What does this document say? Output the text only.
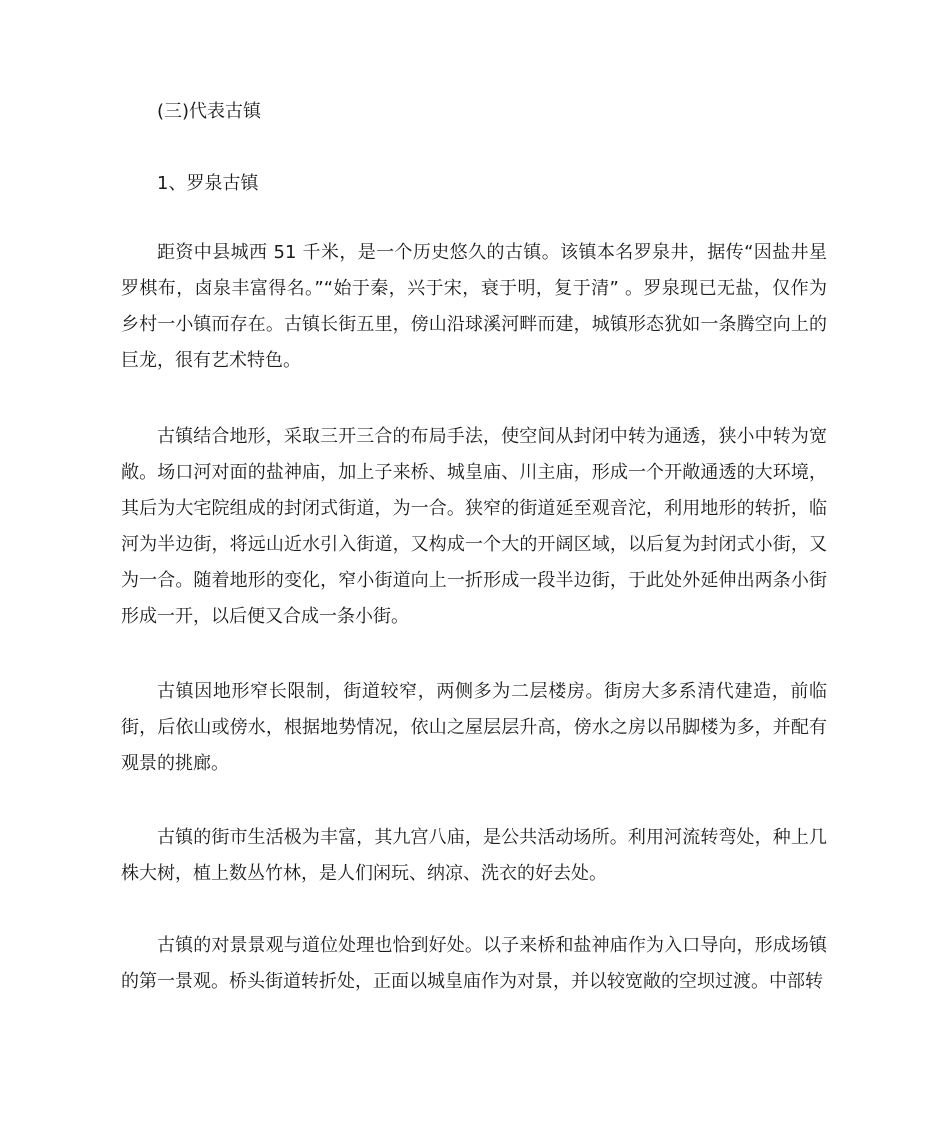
(三)代表古镇
1、罗泉古镇

距资中县城西 51 千米，是一个历史悠久的古镇。该镇本名罗泉井，据传“因盐井星罗棋布，卤泉丰富得名。”“始于秦，兴于宋，衰于明，复于清” 。罗泉现已无盐，仅作为乡村一小镇而存在。古镇长街五里，傍山沿球溪河畔而建，城镇形态犹如一条腾空向上的巨龙，很有艺术特色。

古镇结合地形，采取三开三合的布局手法，使空间从封闭中转为通透，狭小中转为宽敞。场口河对面的盐神庙，加上子来桥、城皇庙、川主庙，形成一个开敞通透的大环境，其后为大宅院组成的封闭式街道，为一合。狭窄的街道延至观音沱，利用地形的转折，临河为半边街，将远山近水引入街道，又构成一个大的开阔区域，以后复为封闭式小街，又为一合。随着地形的变化，窄小街道向上一折形成一段半边街，于此处外延伸出两条小街形成一开，以后便又合成一条小街。

古镇因地形窄长限制，街道较窄，两侧多为二层楼房。街房大多系清代建造，前临街，后依山或傍水，根据地势情况，依山之屋层层升高，傍水之房以吊脚楼为多，并配有观景的挑廊。

古镇的街市生活极为丰富，其九宫八庙，是公共活动场所。利用河流转弯处，种上几株大树，植上数丛竹林，是人们闲玩、纳凉、洗衣的好去处。

古镇的对景景观与道位处理也恰到好处。以子来桥和盐神庙作为入口导向，形成场镇的第一景观。桥头街道转折处，正面以城皇庙作为对景，并以较宽敞的空坝过渡。中部转
